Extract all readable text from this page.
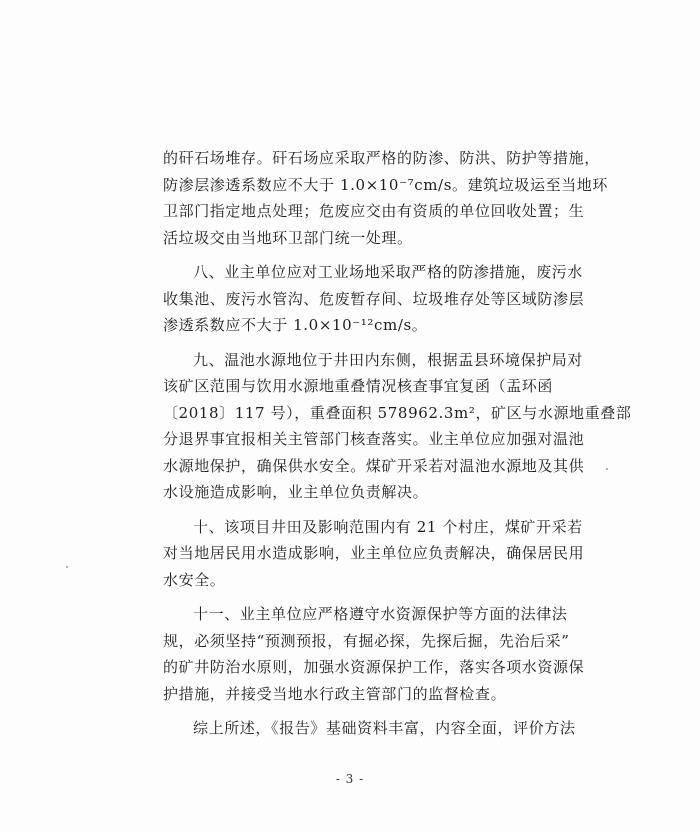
的矸石场堆存。矸石场应采取严格的防渗、防洪、防护等措施，
防渗层渗透系数应不大于 1.0×10⁻⁷cm/s。建筑垃圾运至当地环
卫部门指定地点处理；危废应交由有资质的单位回收处置；生
活垃圾交由当地环卫部门统一处理。
八、业主单位应对工业场地采取严格的防渗措施，废污水
收集池、废污水管沟、危废暂存间、垃圾堆存处等区域防渗层
渗透系数应不大于 1.0×10⁻¹²cm/s。
九、温池水源地位于井田内东侧，根据盂县环境保护局对
该矿区范围与饮用水源地重叠情况核查事宜复函（盂环函
〔2018〕117 号），重叠面积 578962.3m²，矿区与水源地重叠部
分退界事宜报相关主管部门核查落实。业主单位应加强对温池
水源地保护，确保供水安全。煤矿开采若对温池水源地及其供
水设施造成影响，业主单位负责解决。
十、该项目井田及影响范围内有 21 个村庄，煤矿开采若
对当地居民用水造成影响，业主单位应负责解决，确保居民用
水安全。
十一、业主单位应严格遵守水资源保护等方面的法律法
规，必须坚持“预测预报，有掘必探，先探后掘，先治后采”
的矿井防治水原则，加强水资源保护工作，落实各项水资源保
护措施，并接受当地水行政主管部门的监督检查。
综上所述，《报告》基础资料丰富，内容全面，评价方法
- 3 -
